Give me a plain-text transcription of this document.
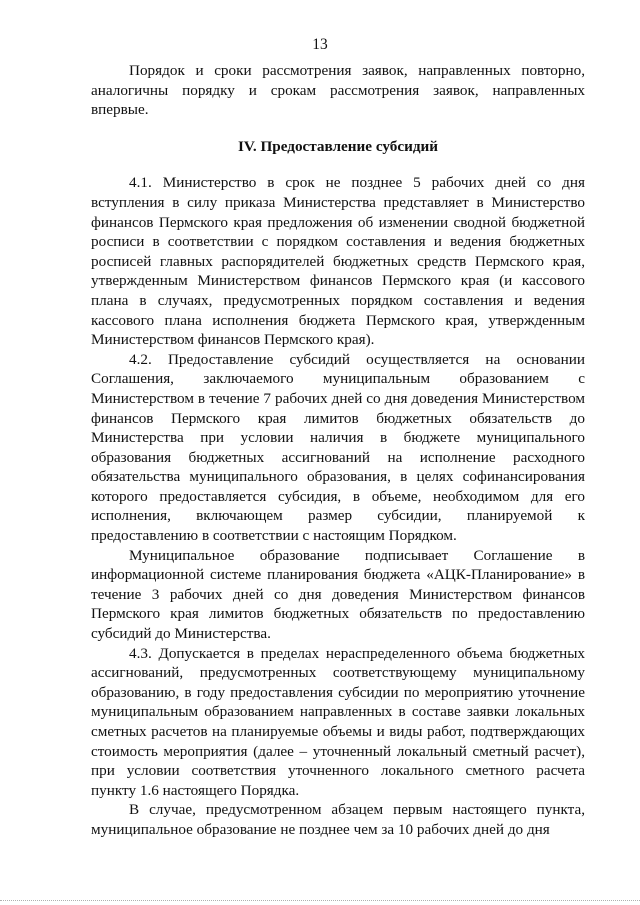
13

Порядок и сроки рассмотрения заявок, направленных повторно, аналогичны порядку и срокам рассмотрения заявок, направленных впервые.

IV. Предоставление субсидий

4.1. Министерство в срок не позднее 5 рабочих дней со дня вступления в силу приказа Министерства представляет в Министерство финансов Пермского края предложения об изменении сводной бюджетной росписи в соответствии с порядком составления и ведения бюджетных росписей главных распорядителей бюджетных средств Пермского края, утвержденным Министерством финансов Пермского края (и кассового плана в случаях, предусмотренных порядком составления и ведения кассового плана исполнения бюджета Пермского края, утвержденным Министерством финансов Пермского края).

4.2. Предоставление субсидий осуществляется на основании Соглашения, заключаемого муниципальным образованием с Министерством в течение 7 рабочих дней со дня доведения Министерством финансов Пермского края лимитов бюджетных обязательств до Министерства при условии наличия в бюджете муниципального образования бюджетных ассигнований на исполнение расходного обязательства муниципального образования, в целях софинансирования которого предоставляется субсидия, в объеме, необходимом для его исполнения, включающем размер субсидии, планируемой к предоставлению в соответствии с настоящим Порядком.

Муниципальное образование подписывает Соглашение в информационной системе планирования бюджета «АЦК-Планирование» в течение 3 рабочих дней со дня доведения Министерством финансов Пермского края лимитов бюджетных обязательств по предоставлению субсидий до Министерства.

4.3. Допускается в пределах нераспределенного объема бюджетных ассигнований, предусмотренных соответствующему муниципальному образованию, в году предоставления субсидии по мероприятию уточнение муниципальным образованием направленных в составе заявки локальных сметных расчетов на планируемые объемы и виды работ, подтверждающих стоимость мероприятия (далее – уточненный локальный сметный расчет), при условии соответствия уточненного локального сметного расчета пункту 1.6 настоящего Порядка.

В случае, предусмотренном абзацем первым настоящего пункта, муниципальное образование не позднее чем за 10 рабочих дней до дня
